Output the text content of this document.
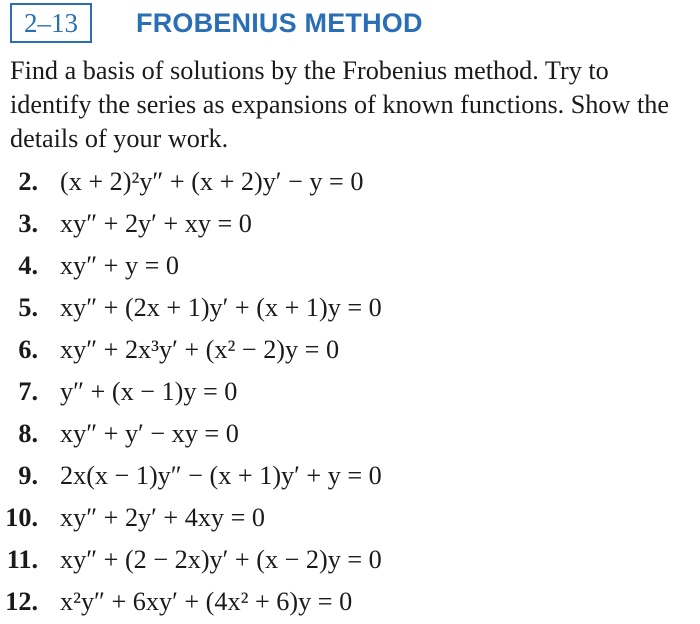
2–13	FROBENIUS METHOD

Find a basis of solutions by the Frobenius method. Try to identify the series as expansions of known functions. Show the details of your work.

2. (x + 2)²y″ + (x + 2)y′ − y = 0
3. xy″ + 2y′ + xy = 0
4. xy″ + y = 0
5. xy″ + (2x + 1)y′ + (x + 1)y = 0
6. xy″ + 2x³y′ + (x² − 2)y = 0
7. y″ + (x − 1)y = 0
8. xy″ + y′ − xy = 0
9. 2x(x − 1)y″ − (x + 1)y′ + y = 0
10. xy″ + 2y′ + 4xy = 0
11. xy″ + (2 − 2x)y′ + (x − 2)y = 0
12. x²y″ + 6xy′ + (4x² + 6)y = 0
